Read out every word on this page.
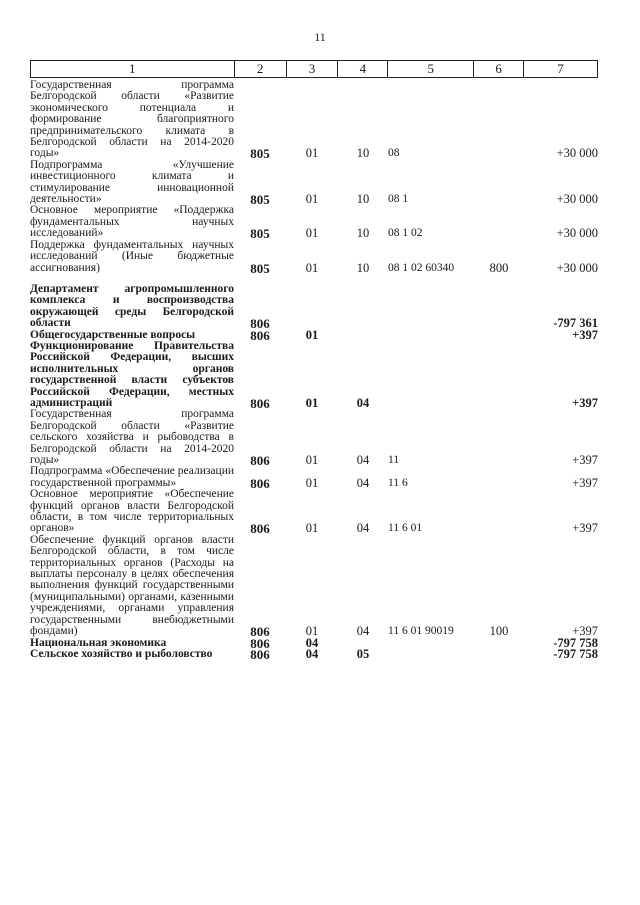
11
1	2	3	4	5	6	7
Государственная программа Белгородской области «Развитие экономического потенциала и формирование благоприятного предпринимательского климата в Белгородской области на 2014-2020 годы»	805	01	10	08		+30 000
Подпрограмма «Улучшение инвестиционного климата и стимулирование инновационной деятельности»	805	01	10	08 1		+30 000
Основное мероприятие «Поддержка фундаментальных научных исследований»	805	01	10	08 1 02		+30 000
Поддержка фундаментальных научных исследований (Иные бюджетные ассигнования)	805	01	10	08 1 02 60340	800	+30 000

Департамент агропромышленного комплекса и воспроизводства окружающей среды Белгородской области	806					-797 361
Общегосударственные вопросы	806	01				+397
Функционирование Правительства Российской Федерации, высших исполнительных органов государственной власти субъектов Российской Федерации, местных администраций	806	01	04			+397
Государственная программа Белгородской области «Развитие сельского хозяйства и рыбоводства в Белгородской области на 2014-2020 годы»	806	01	04	11		+397
Подпрограмма «Обеспечение реализации государственной программы»	806	01	04	11 6		+397
Основное мероприятие «Обеспечение функций органов власти Белгородской области, в том числе территориальных органов»	806	01	04	11 6 01		+397
Обеспечение функций органов власти Белгородской области, в том числе территориальных органов (Расходы на выплаты персоналу в целях обеспечения выполнения функций государственными (муниципальными) органами, казенными учреждениями, органами управления государственными внебюджетными фондами)	806	01	04	11 6 01 90019	100	+397
Национальная экономика	806	04				-797 758
Сельское хозяйство и рыболовство	806	04	05			-797 758
